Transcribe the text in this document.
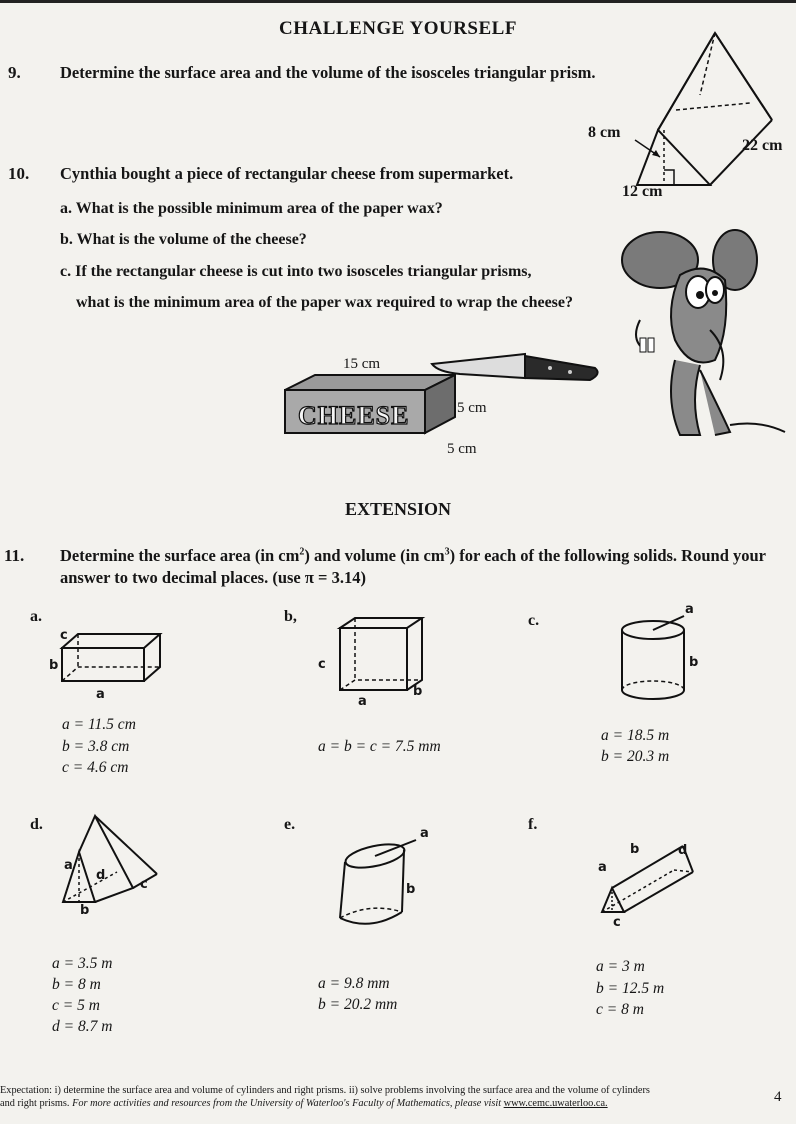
CHALLENGE YOURSELF
9. Determine the surface area and the volume of the isosceles triangular prism.
8 cm
22 cm
12 cm
10. Cynthia bought a piece of rectangular cheese from supermarket.
a. What is the possible minimum area of the paper wax?
b. What is the volume of the cheese?
c. If the rectangular cheese is cut into two isosceles triangular prisms,
what is the minimum area of the paper wax required to wrap the cheese?
CHEESE
15 cm
5 cm
5 cm
EXTENSION
11. Determine the surface area (in $cm^2$) and volume (in $cm^3$) for each of the following solids. Round your
answer to two decimal places. (use π = 3.14)
a.
c
b
a
a = 11.5 cm
b = 3.8 cm
c = 4.6 cm
b,
c
a
b
a = b = c = 7.5 mm
c.
a
b
a = 18.5 m
b = 20.3 m
d.
a
d
c
b
a = 3.5 m
b = 8 m
c = 5 m
d = 8.7 m
e.
a
b
a = 9.8 mm
b = 20.2 mm
f.
b	d
a
c
a = 3 m
b = 12.5 m
c = 8 m
Expectation: i) determine the surface area and volume of cylinders and right prisms. ii) solve problems involving the surface area and the volume of cylinders
and right prisms. For more activities and resources from the University of Waterloo's Faculty of Mathematics, please visit www.cemc.uwaterloo.ca.	4
